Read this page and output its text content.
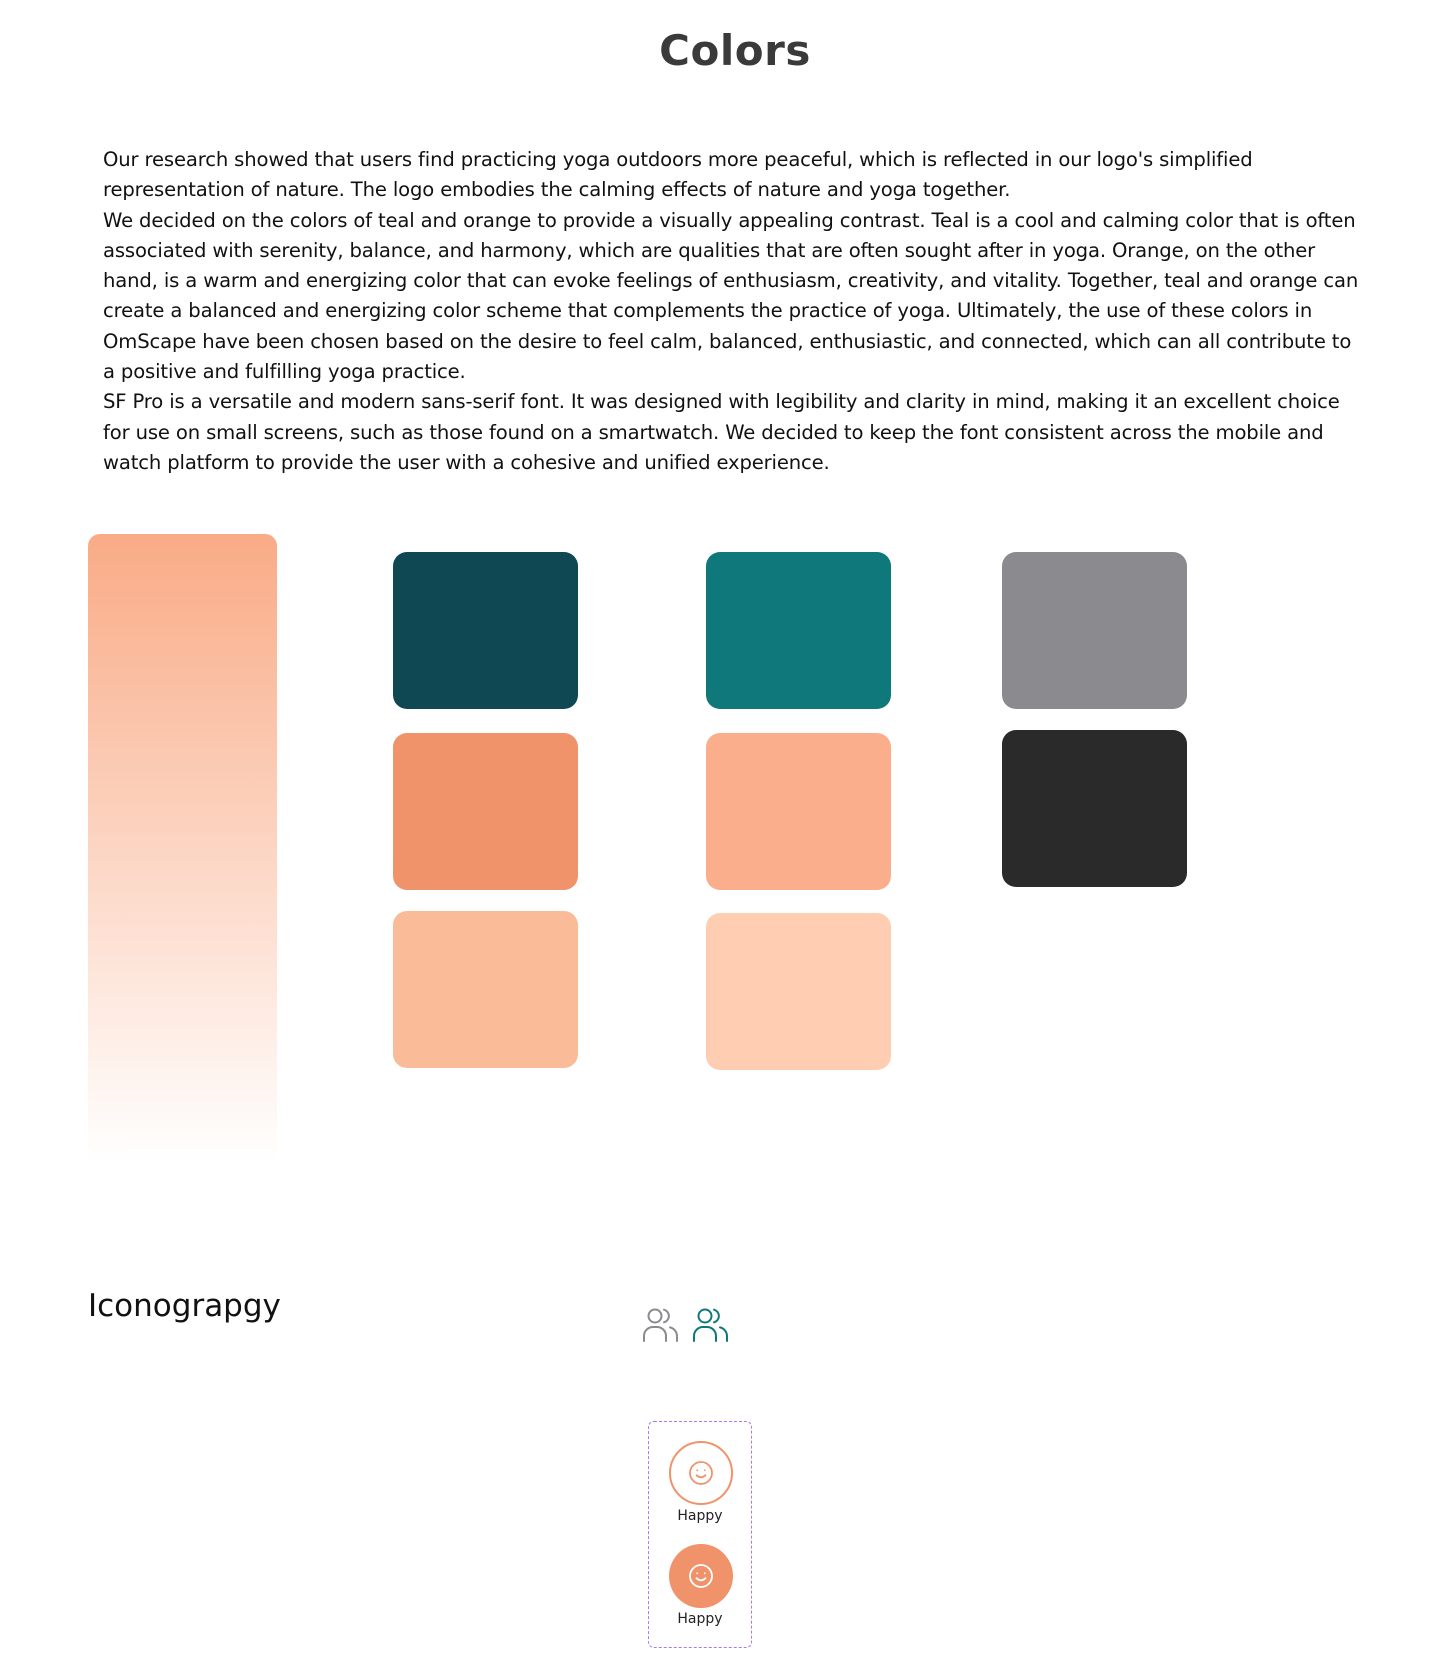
Colors

Our research showed that users find practicing yoga outdoors more peaceful, which is reflected in our logo's simplified representation of nature. The logo embodies the calming effects of nature and yoga together.

We decided on the colors of teal and orange to provide a visually appealing contrast. Teal is a cool and calming color that is often associated with serenity, balance, and harmony, which are qualities that are often sought after in yoga. Orange, on the other hand, is a warm and energizing color that can evoke feelings of enthusiasm, creativity, and vitality. Together, teal and orange can create a balanced and energizing color scheme that complements the practice of yoga. Ultimately, the use of these colors in OmScape have been chosen based on the desire to feel calm, balanced, enthusiastic, and connected, which can all contribute to a positive and fulfilling yoga practice.

SF Pro is a versatile and modern sans-serif font. It was designed with legibility and clarity in mind, making it an excellent choice for use on small screens, such as those found on a smartwatch. We decided to keep the font consistent across the mobile and watch platform to provide the user with a cohesive and unified experience.

Iconograpgy
Happy
Happy
